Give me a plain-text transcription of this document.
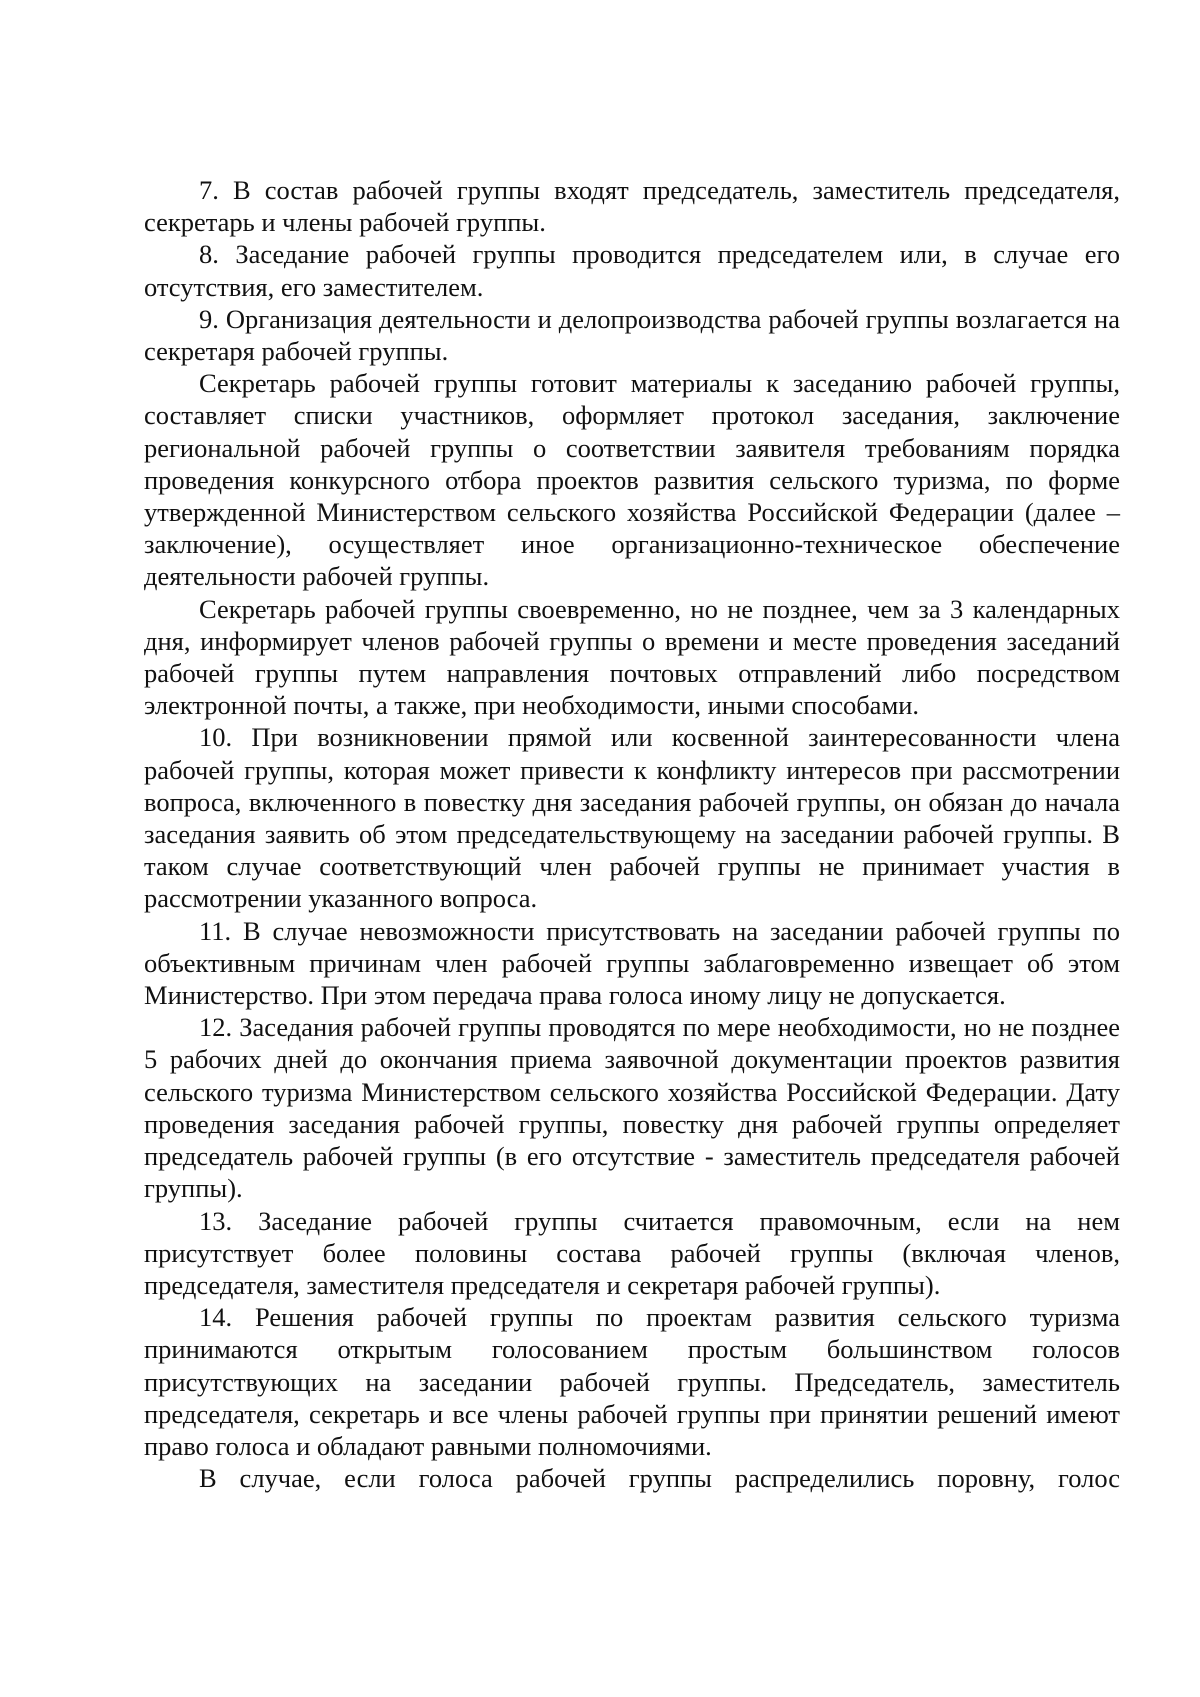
7. В состав рабочей группы входят председатель, заместитель председателя, секретарь и члены рабочей группы.

8. Заседание рабочей группы проводится председателем или, в случае его отсутствия, его заместителем.

9. Организация деятельности и делопроизводства рабочей группы возлагается на секретаря рабочей группы.

Секретарь рабочей группы готовит материалы к заседанию рабочей группы, составляет списки участников, оформляет протокол заседания, заключение региональной рабочей группы о соответствии заявителя требованиям порядка проведения конкурсного отбора проектов развития сельского туризма, по форме утвержденной Министерством сельского хозяйства Российской Федерации (далее – заключение), осуществляет иное организационно-техническое обеспечение деятельности рабочей группы.

Секретарь рабочей группы своевременно, но не позднее, чем за 3 календарных дня, информирует членов рабочей группы о времени и месте проведения заседаний рабочей группы путем направления почтовых отправлений либо посредством электронной почты, а также, при необходимости, иными способами.

10. При возникновении прямой или косвенной заинтересованности члена рабочей группы, которая может привести к конфликту интересов при рассмотрении вопроса, включенного в повестку дня заседания рабочей группы, он обязан до начала заседания заявить об этом председательствующему на заседании рабочей группы. В таком случае соответствующий член рабочей группы не принимает участия в рассмотрении указанного вопроса.

11. В случае невозможности присутствовать на заседании рабочей группы по объективным причинам член рабочей группы заблаговременно извещает об этом Министерство. При этом передача права голоса иному лицу не допускается.

12. Заседания рабочей группы проводятся по мере необходимости, но не позднее 5 рабочих дней до окончания приема заявочной документации проектов развития сельского туризма Министерством сельского хозяйства Российской Федерации. Дату проведения заседания рабочей группы, повестку дня рабочей группы определяет председатель рабочей группы (в его отсутствие - заместитель председателя рабочей группы).

13. Заседание рабочей группы считается правомочным, если на нем присутствует более половины состава рабочей группы (включая членов, председателя, заместителя председателя и секретаря рабочей группы).

14. Решения рабочей группы по проектам развития сельского туризма принимаются открытым голосованием простым большинством голосов присутствующих на заседании рабочей группы. Председатель, заместитель председателя, секретарь и все члены рабочей группы при принятии решений имеют право голоса и обладают равными полномочиями.

В случае, если голоса рабочей группы распределились поровну, голос
